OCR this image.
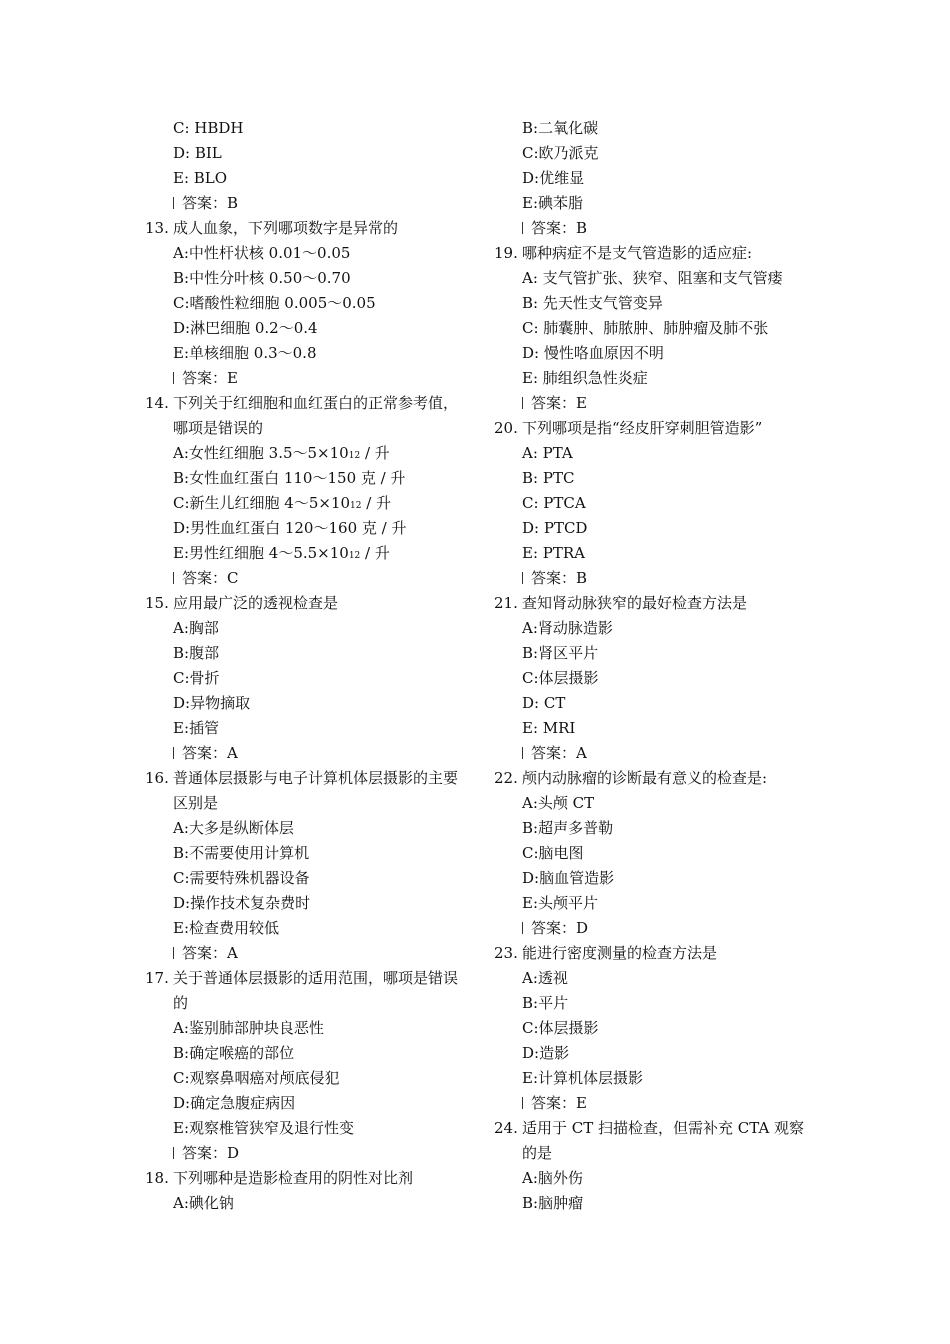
C: HBDH
D: BIL
E: BLO
答案：B
13. 成人血象，下列哪项数字是异常的
A:中性杆状核 0.01～0.05
B:中性分叶核 0.50～0.70
C:嗜酸性粒细胞 0.005～0.05
D:淋巴细胞 0.2～0.4
E:单核细胞 0.3～0.8
答案：E
14. 下列关于红细胞和血红蛋白的正常参考值，哪项是错误的
A:女性红细胞 3.5～5×1012 / 升
B:女性血红蛋白 110～150 克 / 升
C:新生儿红细胞 4～5×1012 / 升
D:男性血红蛋白 120～160 克 / 升
E:男性红细胞 4～5.5×1012 / 升
答案：C
15. 应用最广泛的透视检查是
A:胸部
B:腹部
C:骨折
D:异物摘取
E:插管
答案：A
16. 普通体层摄影与电子计算机体层摄影的主要区别是
A:大多是纵断体层
B:不需要使用计算机
C:需要特殊机器设备
D:操作技术复杂费时
E:检查费用较低
答案：A
17. 关于普通体层摄影的适用范围，哪项是错误的
A:鉴别肺部肿块良恶性
B:确定喉癌的部位
C:观察鼻咽癌对颅底侵犯
D:确定急腹症病因
E:观察椎管狭窄及退行性变
答案：D
18. 下列哪种是造影检查用的阴性对比剂
A:碘化钠
B:二氧化碳
C:欧乃派克
D:优维显
E:碘苯脂
答案：B
19. 哪种病症不是支气管造影的适应症:
A: 支气管扩张、狭窄、阻塞和支气管瘘
B: 先天性支气管变异
C: 肺囊肿、肺脓肿、肺肿瘤及肺不张
D: 慢性咯血原因不明
E: 肺组织急性炎症
答案：E
20. 下列哪项是指“经皮肝穿刺胆管造影”
A: PTA
B: PTC
C: PTCA
D: PTCD
E: PTRA
答案：B
21. 查知肾动脉狭窄的最好检查方法是
A:肾动脉造影
B:肾区平片
C:体层摄影
D: CT
E: MRI
答案：A
22. 颅内动脉瘤的诊断最有意义的检查是:
A:头颅 CT
B:超声多普勒
C:脑电图
D:脑血管造影
E:头颅平片
答案：D
23. 能进行密度测量的检查方法是
A:透视
B:平片
C:体层摄影
D:造影
E:计算机体层摄影
答案：E
24. 适用于 CT 扫描检查，但需补充 CTA 观察的是
A:脑外伤
B:脑肿瘤
